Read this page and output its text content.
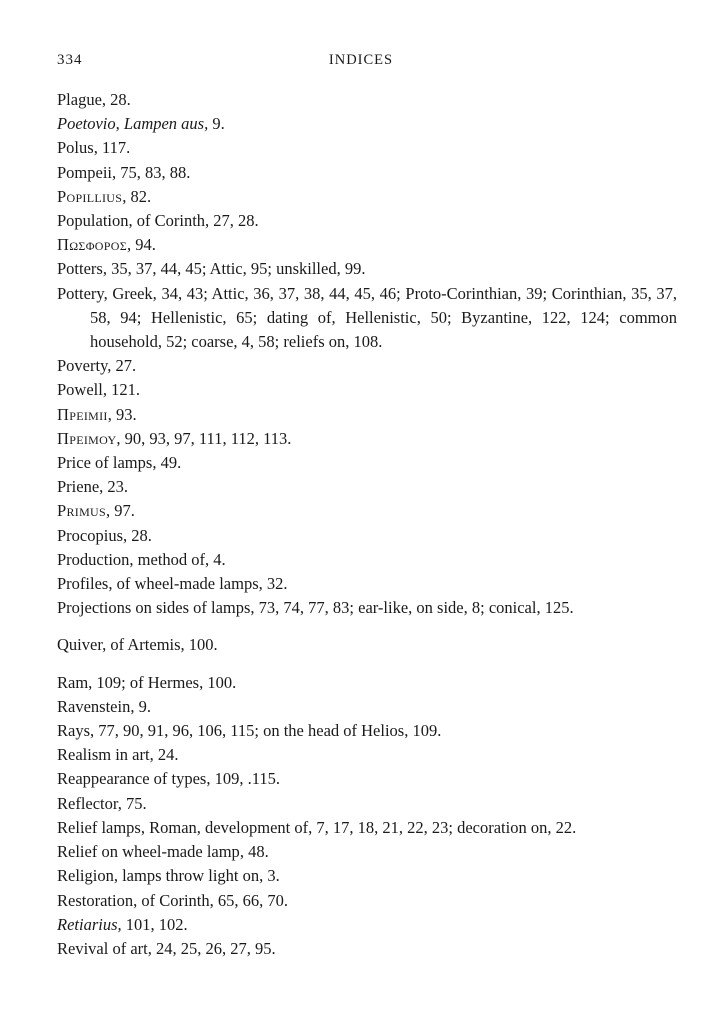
334	INDICES

Plague, 28.

Poetovio, Lampen aus, 9.

Polus, 117.

Pompeii, 75, 83, 88.

Popillius, 82.

Population, of Corinth, 27, 28.

Πωσφορος, 94.

Potters, 35, 37, 44, 45; Attic, 95; unskilled, 99.

Pottery, Greek, 34, 43; Attic, 36, 37, 38, 44, 45, 46; Proto-Corinthian, 39; Corinthian, 35, 37, 58, 94; Hellenistic, 65; dating of, Hellenistic, 50; Byzantine, 122, 124; common household, 52; coarse, 4, 58; reliefs on, 108.

Poverty, 27.

Powell, 121.

Πρειμιι, 93.

Πρειμου, 90, 93, 97, 111, 112, 113.

Price of lamps, 49.

Priene, 23.

Primus, 97.

Procopius, 28.

Production, method of, 4.

Profiles, of wheel-made lamps, 32.

Projections on sides of lamps, 73, 74, 77, 83; ear-like, on side, 8; conical, 125.

Quiver, of Artemis, 100.

Ram, 109; of Hermes, 100.

Ravenstein, 9.

Rays, 77, 90, 91, 96, 106, 115; on the head of Helios, 109.

Realism in art, 24.

Reappearance of types, 109, .115.

Reflector, 75.

Relief lamps, Roman, development of, 7, 17, 18, 21, 22, 23; decoration on, 22.

Relief on wheel-made lamp, 48.

Religion, lamps throw light on, 3.

Restoration, of Corinth, 65, 66, 70.

Retiarius, 101, 102.

Revival of art, 24, 25, 26, 27, 95.
